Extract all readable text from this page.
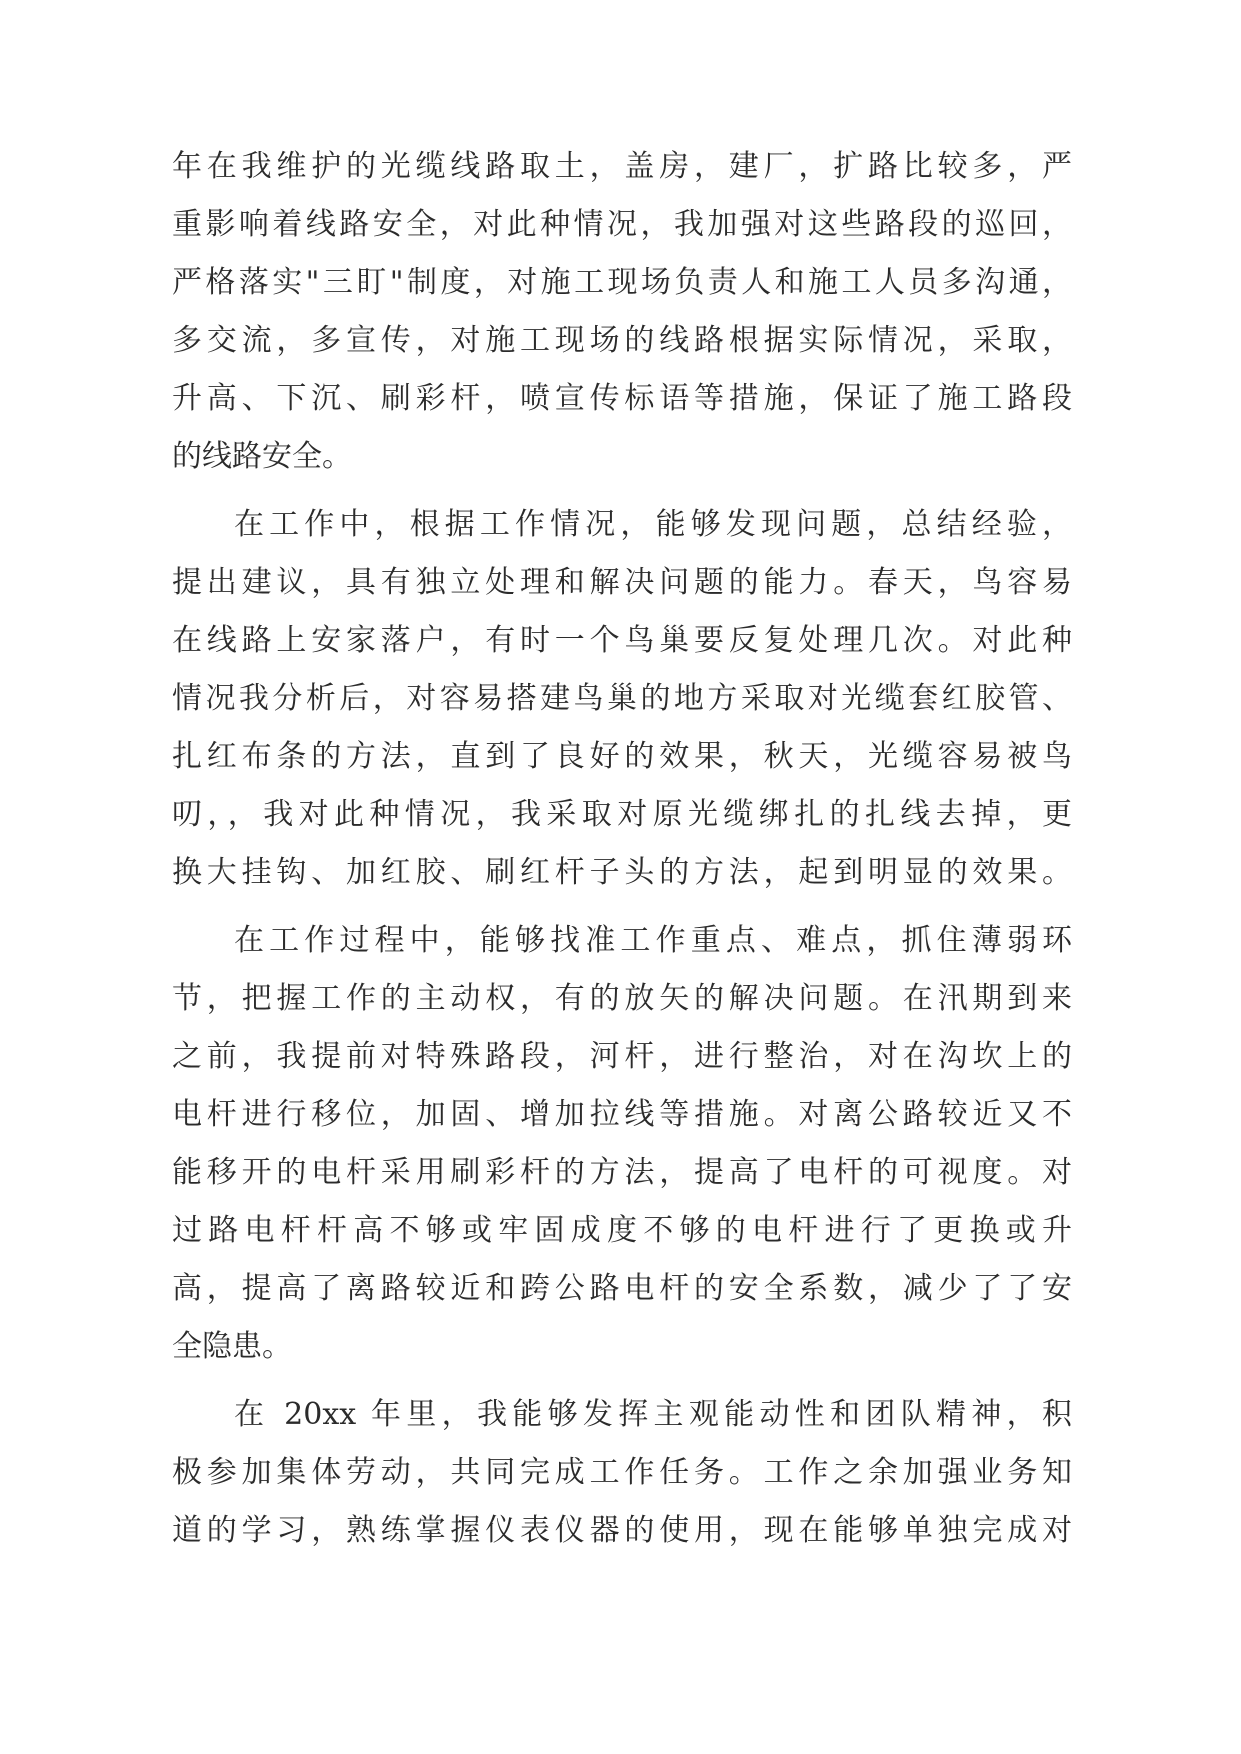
年在我维护的光缆线路取土，盖房，建厂，扩路比较多，严
重影响着线路安全，对此种情况，我加强对这些路段的巡回，
严格落实"三盯"制度，对施工现场负责人和施工人员多沟通，
多交流，多宣传，对施工现场的线路根据实际情况，采取，
升高、下沉、刷彩杆，喷宣传标语等措施，保证了施工路段
的线路安全。
在工作中，根据工作情况，能够发现问题，总结经验，
提出建议，具有独立处理和解决问题的能力。春天，鸟容易
在线路上安家落户，有时一个鸟巢要反复处理几次。对此种
情况我分析后，对容易搭建鸟巢的地方采取对光缆套红胶管、
扎红布条的方法，直到了良好的效果，秋天，光缆容易被鸟
叨，，我对此种情况，我采取对原光缆绑扎的扎线去掉，更
换大挂钩、加红胶、刷红杆子头的方法，起到明显的效果。
在工作过程中，能够找准工作重点、难点，抓住薄弱环
节，把握工作的主动权，有的放矢的解决问题。在汛期到来
之前，我提前对特殊路段，河杆，进行整治，对在沟坎上的
电杆进行移位，加固、增加拉线等措施。对离公路较近又不
能移开的电杆采用刷彩杆的方法，提高了电杆的可视度。对
过路电杆杆高不够或牢固成度不够的电杆进行了更换或升
高，提高了离路较近和跨公路电杆的安全系数，减少了了安
全隐患。
在 20xx 年里，我能够发挥主观能动性和团队精神，积
极参加集体劳动，共同完成工作任务。工作之余加强业务知
道的学习，熟练掌握仪表仪器的使用，现在能够单独完成对
